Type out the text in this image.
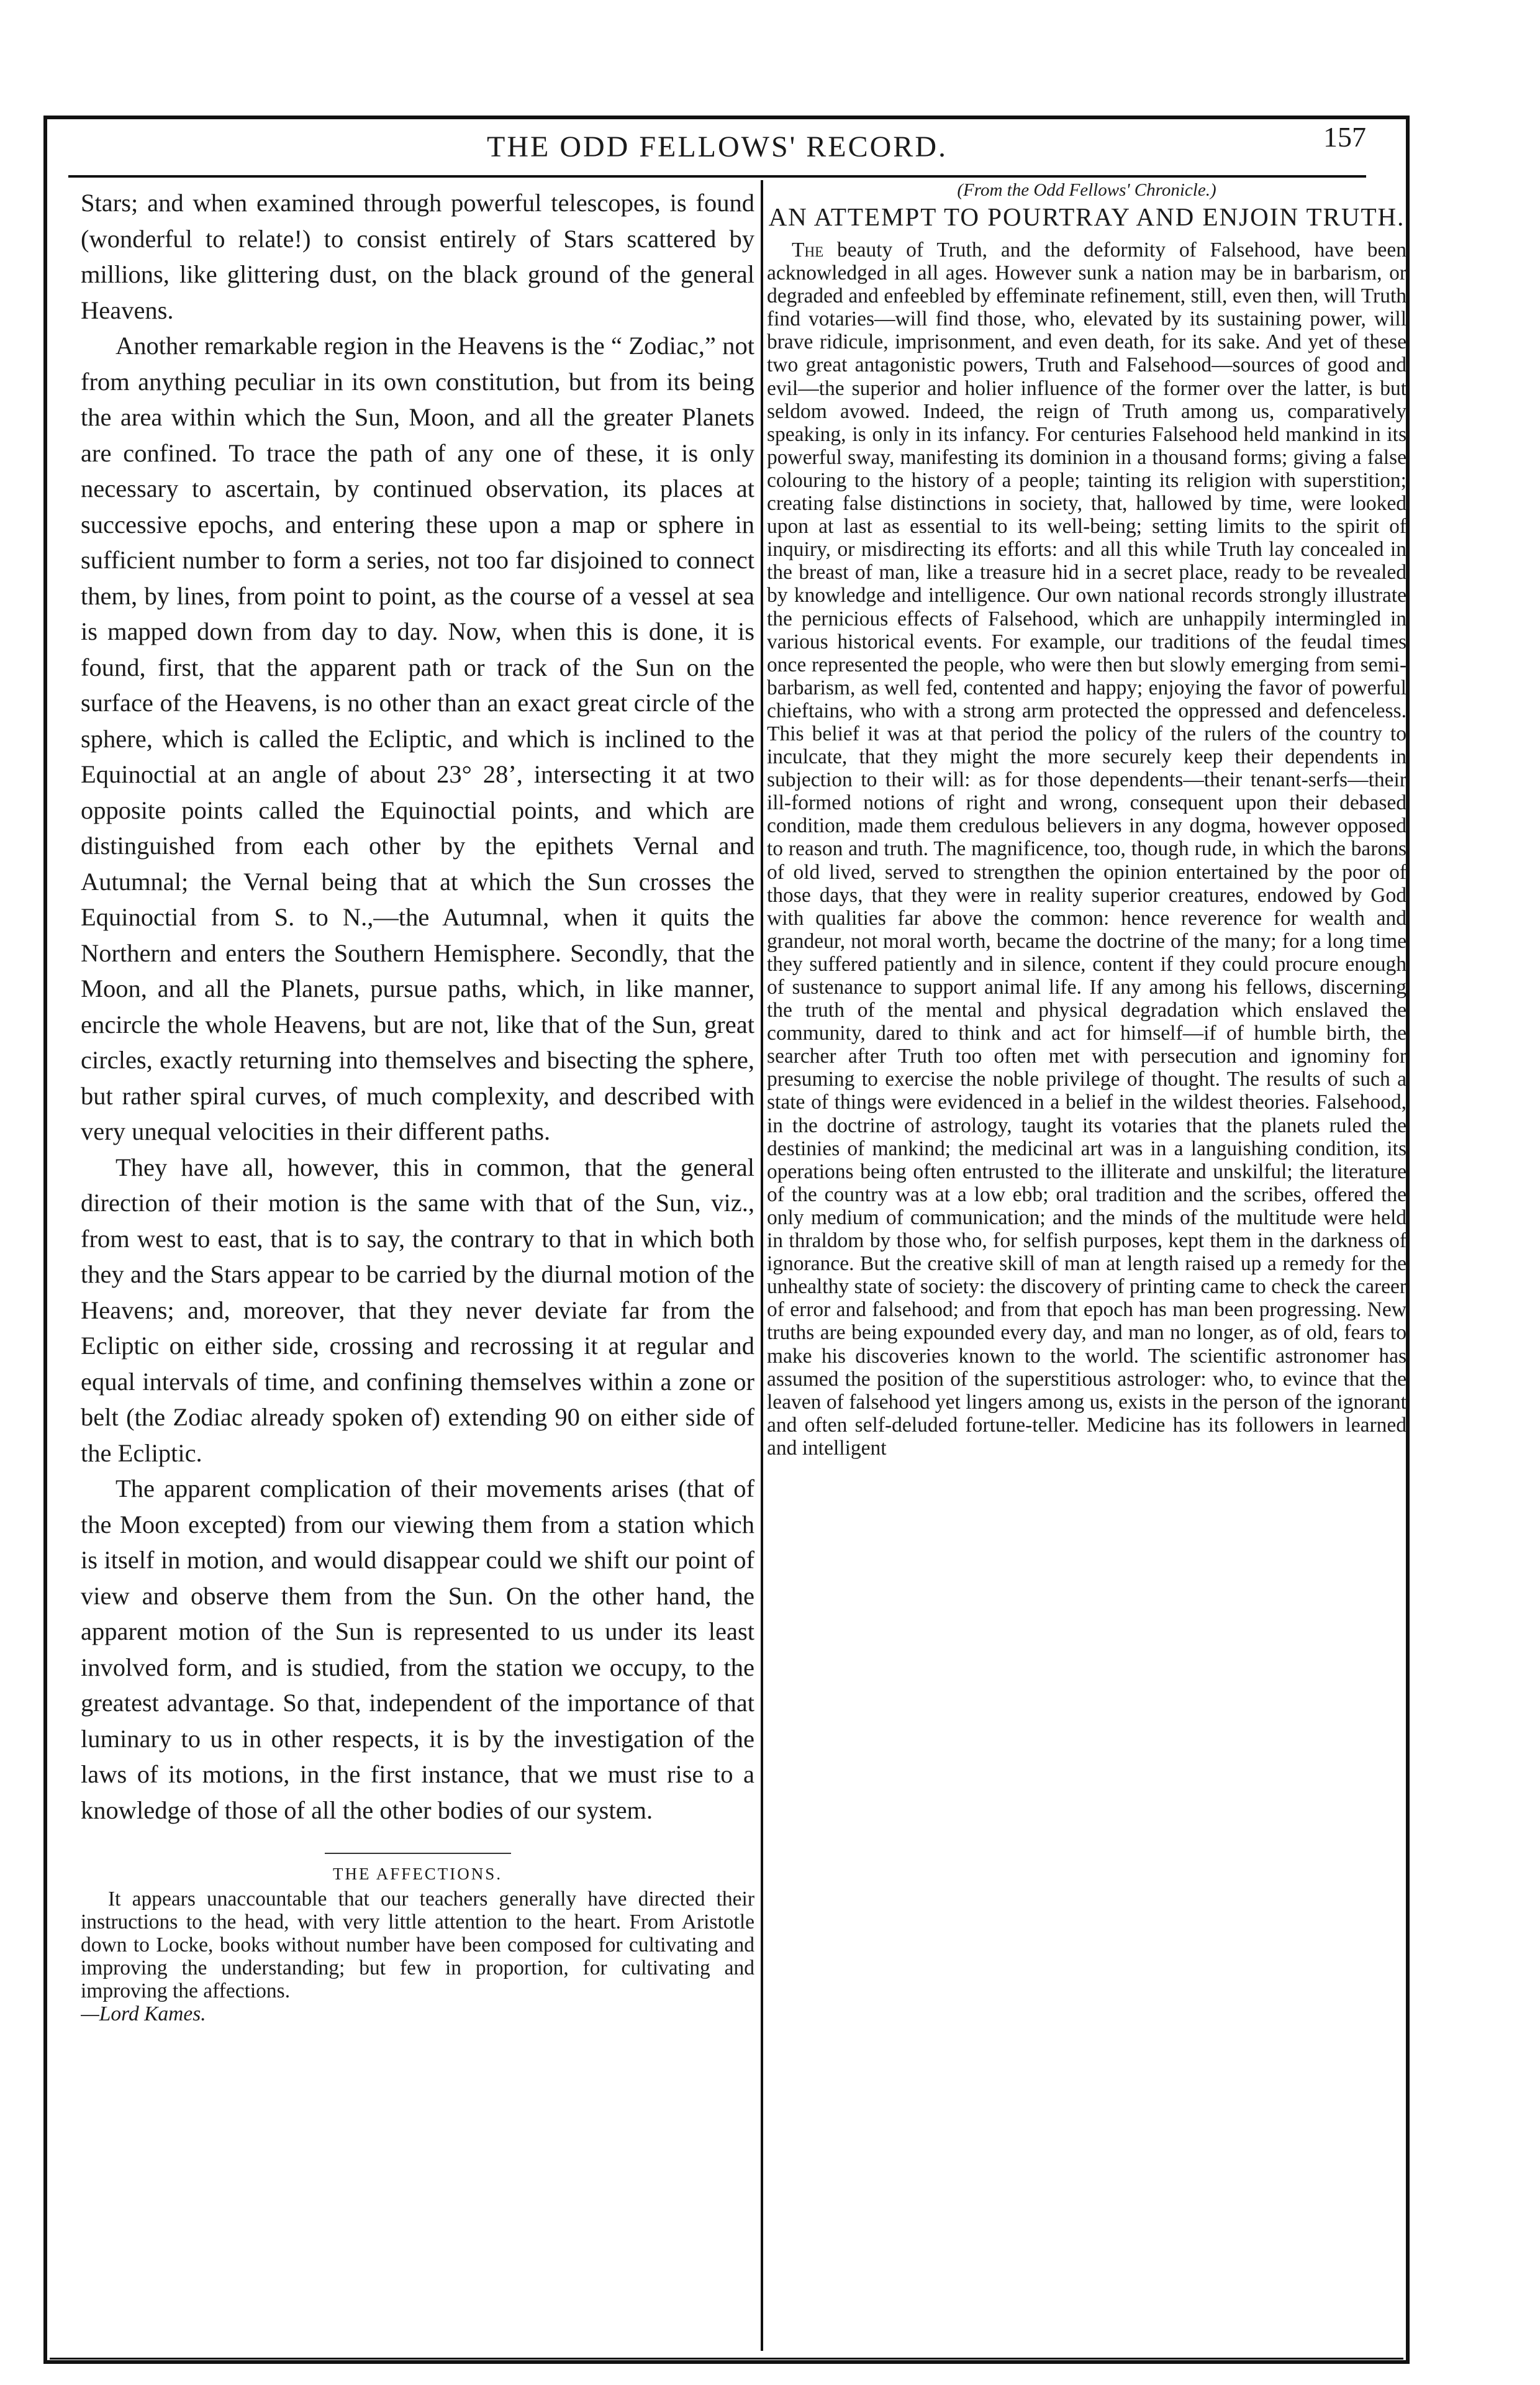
THE ODD FELLOWS' RECORD.	157

Stars; and when examined through powerful telescopes, is found (wonderful to relate!) to consist entirely of Stars scattered by millions, like glittering dust, on the black ground of the general Heavens.

Another remarkable region in the Heavens is the “ Zodiac,” not from anything peculiar in its own constitution, but from its being the area within which the Sun, Moon, and all the greater Planets are confined. To trace the path of any one of these, it is only necessary to ascertain, by continued observation, its places at successive epochs, and entering these upon a map or sphere in sufficient number to form a series, not too far disjoined to connect them, by lines, from point to point, as the course of a vessel at sea is mapped down from day to day. Now, when this is done, it is found, first, that the apparent path or track of the Sun on the surface of the Heavens, is no other than an exact great circle of the sphere, which is called the Ecliptic, and which is inclined to the Equinoctial at an angle of about 23° 28ʼ, intersecting it at two opposite points called the Equinoctial points, and which are distinguished from each other by the epithets Vernal and Autumnal; the Vernal being that at which the Sun crosses the Equinoctial from S. to N.,—the Autumnal, when it quits the Northern and enters the Southern Hemisphere. Secondly, that the Moon, and all the Planets, pursue paths, which, in like manner, encircle the whole Heavens, but are not, like that of the Sun, great circles, exactly returning into themselves and bisecting the sphere, but rather spiral curves, of much complexity, and described with very unequal velocities in their different paths.

They have all, however, this in common, that the general direction of their motion is the same with that of the Sun, viz., from west to east, that is to say, the contrary to that in which both they and the Stars appear to be carried by the diurnal motion of the Heavens; and, moreover, that they never deviate far from the Ecliptic on either side, crossing and recrossing it at regular and equal intervals of time, and confining themselves within a zone or belt (the Zodiac already spoken of) extending 90 on either side of the Ecliptic.

The apparent complication of their movements arises (that of the Moon excepted) from our viewing them from a station which is itself in motion, and would disappear could we shift our point of view and observe them from the Sun. On the other hand, the apparent motion of the Sun is represented to us under its least involved form, and is studied, from the station we occupy, to the greatest advantage. So that, independent of the importance of that luminary to us in other respects, it is by the investigation of the laws of its motions, in the first instance, that we must rise to a knowledge of those of all the other bodies of our system.

THE AFFECTIONS.

It appears unaccountable that our teachers generally have directed their instructions to the head, with very little attention to the heart. From Aristotle down to Locke, books without number have been composed for cultivating and improving the understanding; but few in proportion, for cultivating and improving the affections.

—Lord Kames.

(From the Odd Fellows' Chronicle.)
AN ATTEMPT TO POURTRAY AND ENJOIN TRUTH.

The beauty of Truth, and the deformity of Falsehood, have been acknowledged in all ages. However sunk a nation may be in barbarism, or degraded and enfeebled by effeminate refinement, still, even then, will Truth find votaries—will find those, who, elevated by its sustaining power, will brave ridicule, imprisonment, and even death, for its sake. And yet of these two great antagonistic powers, Truth and Falsehood—sources of good and evil—the superior and holier influence of the former over the latter, is but seldom avowed. Indeed, the reign of Truth among us, comparatively speaking, is only in its infancy. For centuries Falsehood held mankind in its powerful sway, manifesting its dominion in a thousand forms; giving a false colouring to the history of a people; tainting its religion with superstition; creating false distinctions in society, that, hallowed by time, were looked upon at last as essential to its well-being; setting limits to the spirit of inquiry, or misdirecting its efforts: and all this while Truth lay concealed in the breast of man, like a treasure hid in a secret place, ready to be revealed by knowledge and intelligence. Our own national records strongly illustrate the pernicious effects of Falsehood, which are unhappily intermingled in various historical events. For example, our traditions of the feudal times once represented the people, who were then but slowly emerging from semi-barbarism, as well fed, contented and happy; enjoying the favor of powerful chieftains, who with a strong arm protected the oppressed and defenceless. This belief it was at that period the policy of the rulers of the country to inculcate, that they might the more securely keep their dependents in subjection to their will: as for those dependents—their tenant-serfs—their ill-formed notions of right and wrong, consequent upon their debased condition, made them credulous believers in any dogma, however opposed to reason and truth. The magnificence, too, though rude, in which the barons of old lived, served to strengthen the opinion entertained by the poor of those days, that they were in reality superior creatures, endowed by God with qualities far above the common: hence reverence for wealth and grandeur, not moral worth, became the doctrine of the many; for a long time they suffered patiently and in silence, content if they could procure enough of sustenance to support animal life. If any among his fellows, discerning the truth of the mental and physical degradation which enslaved the community, dared to think and act for himself—if of humble birth, the searcher after Truth too often met with persecution and ignominy for presuming to exercise the noble privilege of thought. The results of such a state of things were evidenced in a belief in the wildest theories. Falsehood, in the doctrine of astrology, taught its votaries that the planets ruled the destinies of mankind; the medicinal art was in a languishing condition, its operations being often entrusted to the illiterate and unskilful; the literature of the country was at a low ebb; oral tradition and the scribes, offered the only medium of communication; and the minds of the multitude were held in thraldom by those who, for selfish purposes, kept them in the darkness of ignorance. But the creative skill of man at length raised up a remedy for the unhealthy state of society: the discovery of printing came to check the career of error and falsehood; and from that epoch has man been progressing. New truths are being expounded every day, and man no longer, as of old, fears to make his discoveries known to the world. The scientific astronomer has assumed the position of the superstitious astrologer: who, to evince that the leaven of falsehood yet lingers among us, exists in the person of the ignorant and often self-deluded fortune-teller. Medicine has its followers in learned and intelligent
